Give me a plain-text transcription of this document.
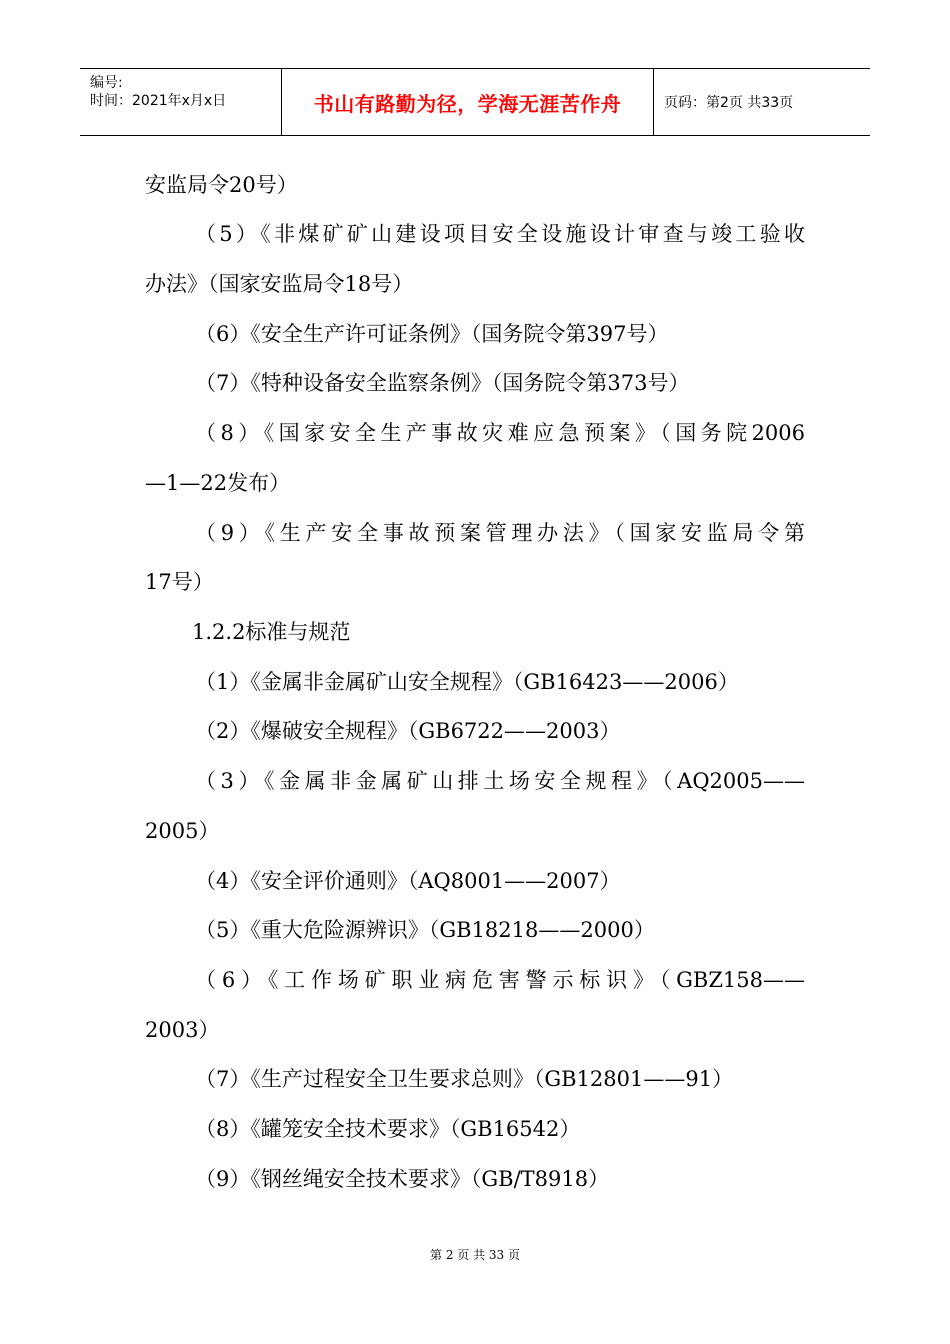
编号:
时间：2021年x月x日	书山有路勤为径，学海无涯苦作舟	页码：第2页 共33页
安监局令20号）
（5）《非煤矿矿山建设项目安全设施设计审查与竣工验收
办法》（国家安监局令18号）
（6）《安全生产许可证条例》（国务院令第397号）
（7）《特种设备安全监察条例》（国务院令第373号）
（8）《国家安全生产事故灾难应急预案》（国务院2006
—1—22发布）
（9）《生产安全事故预案管理办法》（国家安监局令第
17号）
1.2.2标准与规范
（1）《金属非金属矿山安全规程》（GB16423——2006）
（2）《爆破安全规程》（GB6722——2003）
（3）《金属非金属矿山排土场安全规程》（AQ2005——
2005）
（4）《安全评价通则》（AQ8001——2007）
（5）《重大危险源辨识》（GB18218——2000）
（6）《工作场矿职业病危害警示标识》（GBZ158——
2003）
（7）《生产过程安全卫生要求总则》（GB12801——91）
（8）《罐笼安全技术要求》（GB16542）
（9）《钢丝绳安全技术要求》（GB/T8918）
第 2 页 共 33 页
